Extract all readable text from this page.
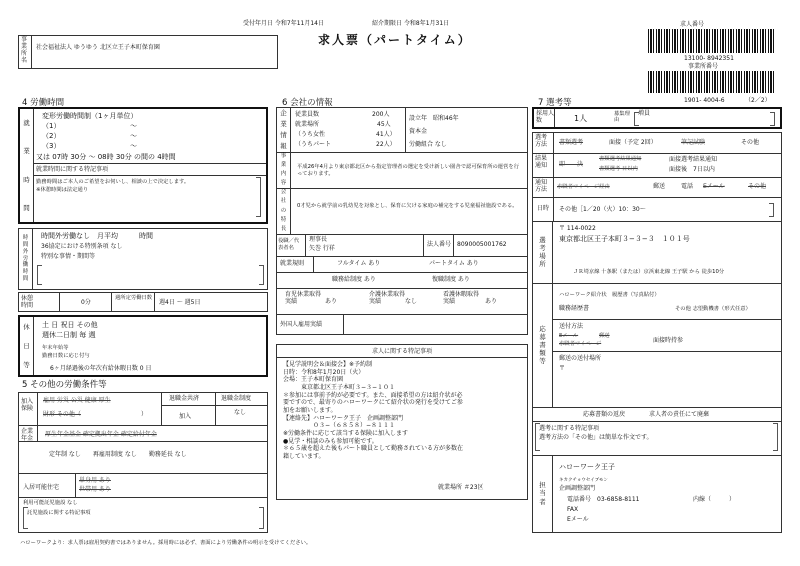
受付年月日 令和7年11月14日	紹介期限日 令和8年1月31日
求人票（パートタイム）
求人番号
13100- 8942351
事業所番号
1901- 4004-6	（2／2）
事業所名
社会福祉法人 ゆうゆう 北区立王子本町保育園
4 労働時間
就
業
時
間
変形労働時間制（1ヶ月単位）
（1）	〜
（2）	〜
（3）	〜
又は 07時 30分 〜 08時 30分 の間の 4時間
就業時間に関する特記事項
勤務時間はご本人のご希望をお伺いし、相談の上で決定します。
※休憩時間は法定通り
時
間
外
労
働
時
間
時間外労働なし　月平均　　　時間
36協定における特別条項 なし
特別な事情・期間等
休憩時間	0分
週所定労働日数
週4日 〜 週5日
休
日
等
土 日 祝日 その他
週休二日制 毎 週
年末年始等
勤務日数に応じ付与
6ヶ月経過後の年次有給休暇日数 0 日
5 その他の労働条件等
加入保険
雇用 労災 公災 健康 厚生
財形 その他（	）
退職金共済
加入
退職金制度
なし
企業年金
厚生年金基金 確定拠出年金 確定給付年金
定年制 なし　　再雇用制度 なし　　勤務延長 なし
入居可能住宅
単身用 あり
世帯用 あり
利用可能託児施設 なし
託児施設に関する特記事項
6 会社の情報
企
業
情
報
従業員数	200人
就業場所	45人
（うち女性	41人）
（うちパート	22人）
設立年　昭和46年
資本金
労働組合 なし
事
業
内
容
平成26年4月より東京都北区から指定管理者の選定を受け新しい園舎で認可保育所の運営を行っております。
会
社
の
特
長
0才児から就学前の乳幼児を対象とし、保育に欠ける家庭の補完をする児童福祉施設である。
役職／代表者名
理事長
矢巻 行祥
法人番号 8090005001762
就業規則	フルタイム あり	パートタイム あり
職務給制度 あり	復職制度 あり
育児休業取得実績	あり
介護休業取得実績	なし
看護休暇取得実績	あり
外国人雇用実績
求人に関する特記事項
【見学説明会＆面接会】※予約制
日時：令和8年1月20日（火）
会場：王子本町保育園
　　　東京都北区王子本町３−３−１０１
＊参加には事前予約が必要です。また、面接希望の方は紹介状が必
要ですので、最寄りのハローワークにて紹介状の発行を受けてご参
加をお願いします。
【連絡先】ハローワーク王子　企画調整部門
　　　　　０３−（６８５８）−８１１１
※労働条件に応じて該当する保険に加入します
●見学・相談のみも参加可能です。
＊６５歳を超えた後もパート職員として勤務されている方が多数在
籍しています。
就業場所 ＃23区
7 選考等
採用人数	1人	募集理由
増員
選考方法	書類選考	面接（予定 2回）	筆記試験	その他
結果通知	即　　決
書類選考結果通知	面接選考結果通知
書類選考 日以内	面接後　7日以内
通知方法	求職者マイページ経由	郵送	電話 Eメール	その他
日時 その他［1／20（火）10：30〜
選
考
場
所
〒 114-0022
東京都北区王子本町３−３−３　１０１号
ＪＲ埼京線 十条駅（または）京浜東北線 王子駅 から 徒歩10分
応
募
書
類
等
ハローワーク紹介状　履歴書（写真貼付）
職務経歴書	その他 志望動機書（形式任意）
送付方法
Eメール	郵送
求職者マイページ	面接時持参
郵送の送付場所
〒
応募書類の返戻　　　　求人者の責任にて廃棄
選考に関する特記事項
選考方法の「その他」は簡単な作文です。
担
当
者
ハローワーク王子
キカクチョウセイブモン
企画調整部門
電話番号 03-6858-8111	内線（　　　）
FAX
Eメール
ハローワークより：求人票は雇用契約書ではありません。採用時には必ず、書面により労働条件の明示を受けてください。
